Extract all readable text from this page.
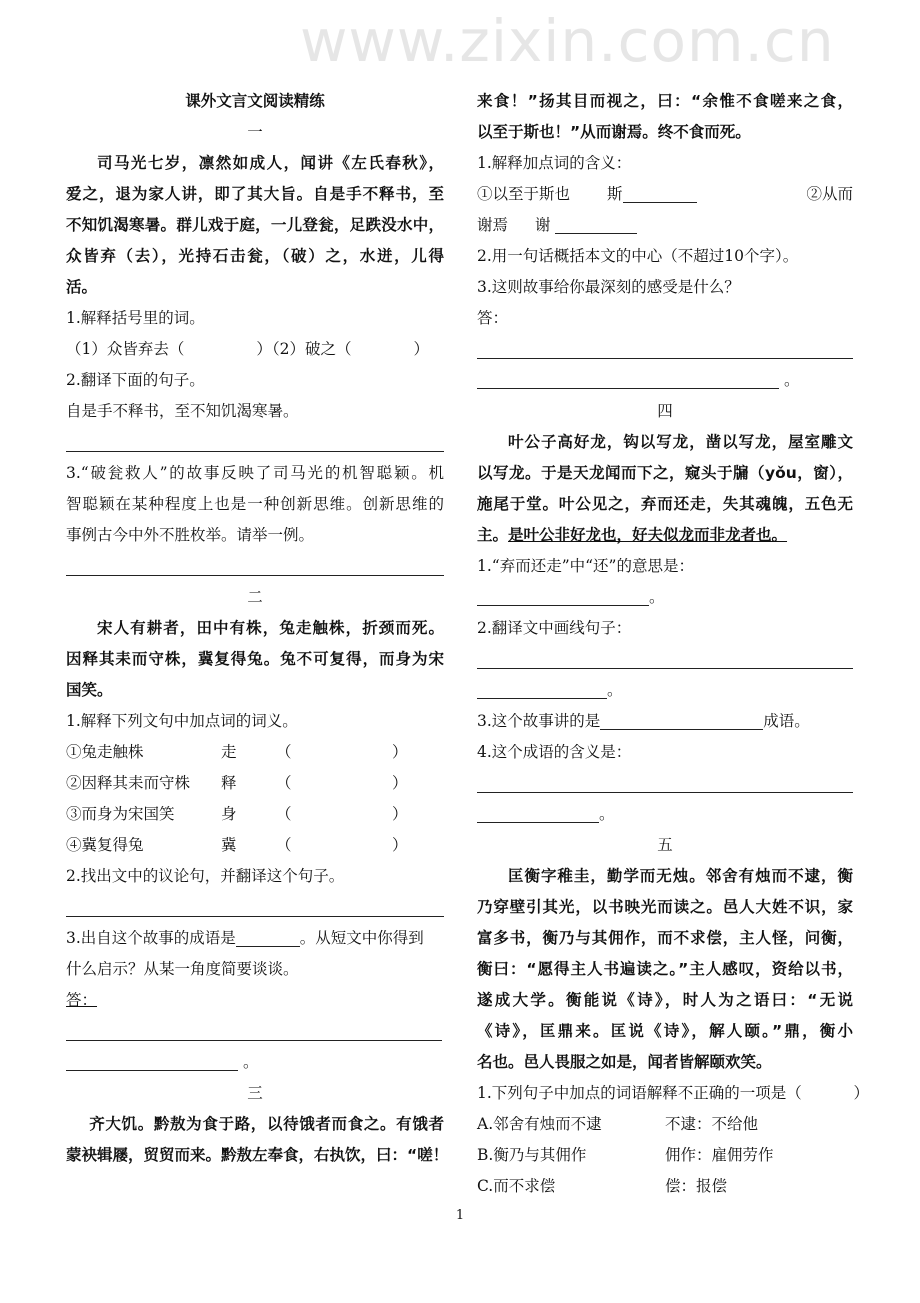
www.zixin.com.cn
课外文言文阅读精练
一
司马光七岁，凛然如成人，闻讲《左氏春秋》，
爱之，退为家人讲，即了其大旨。自是手不释书，至
不知饥渴寒暑。群儿戏于庭，一儿登瓮，足跌没水中，
众皆弃（去），光持石击瓮，（破）之，水迸，儿得
活。
1.解释括号里的词。
（1）众皆弃去（	）（2）破之（	）
2.翻译下面的句子。
自是手不释书，至不知饥渴寒暑。
3.“破瓮救人”的故事反映了司马光的机智聪颖。机
智聪颖在某种程度上也是一种创新思维。创新思维的
事例古今中外不胜枚举。请举一例。
二
宋人有耕者，田中有株，兔走触株，折颈而死。
因释其耒而守株，冀复得兔。兔不可复得，而身为宋
国笑。
1.解释下列文句中加点词的词义。
①兔走触株	走	（	）
②因释其耒而守株 释	（	）
③而身为宋国笑	身	（	）
④冀复得兔	冀	（	）
2.找出文中的议论句，并翻译这个句子。
3.出自这个故事的成语是	。从短文中你得到
什么启示？从某一角度简要谈谈。
答：
。
三
齐大饥。黔敖为食于路，以待饿者而食之。有饿者
蒙袂辑屦，贸贸而来。黔敖左奉食，右执饮，曰：“嗟！
来食！”扬其目而视之，曰：“余惟不食嗟来之食，
以至于斯也！”从而谢焉。终不食而死。
1.解释加点词的含义：
①以至于斯也 斯	②从而
谢焉 谢
2.用一句话概括本文的中心（不超过10个字）。
3.这则故事给你最深刻的感受是什么？
答：
。
四
叶公子高好龙，钩以写龙，凿以写龙，屋室雕文
以写龙。于是天龙闻而下之，窥头于牖（yǒu，窗），
施尾于堂。叶公见之，弃而还走，失其魂魄，五色无
主。是叶公非好龙也，好夫似龙而非龙者也。
1.“弃而还走”中“还”的意思是：
。
2.翻译文中画线句子：
。
3.这个故事讲的是	成语。
4.这个成语的含义是：
。
五
匡衡字稚圭，勤学而无烛。邻舍有烛而不逮，衡
乃穿壁引其光，以书映光而读之。邑人大姓不识，家
富多书，衡乃与其佣作，而不求偿，主人怪，问衡，
衡曰：“愿得主人书遍读之。”主人感叹，资给以书，
遂成大学。衡能说《诗》，时人为之语曰：“无说
《诗》，匡鼎来。匡说《诗》，解人颐。”鼎，衡小
名也。邑人畏服之如是，闻者皆解颐欢笑。
1.下列句子中加点的词语解释不正确的一项是（	）
A.邻舍有烛而不逮	不逮：不给他
B.衡乃与其佣作	佣作：雇佣劳作
C.而不求偿	偿：报偿
1
